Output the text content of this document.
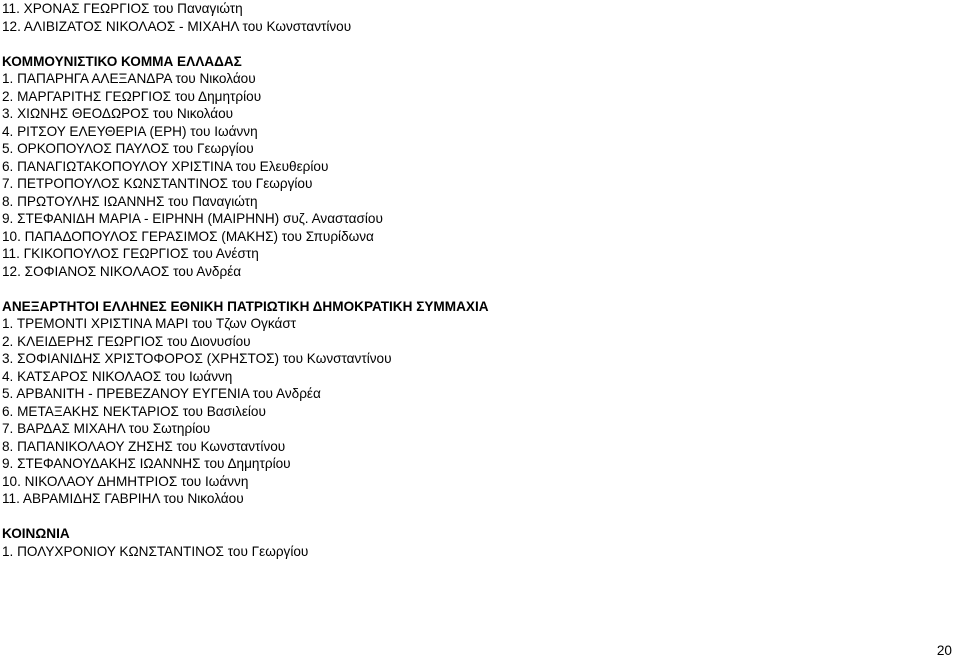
11. ΧΡΟΝΑΣ ΓΕΩΡΓΙΟΣ του Παναγιώτη
12. ΑΛΙΒΙΖΑΤΟΣ ΝΙΚΟΛΑΟΣ - ΜΙΧΑΗΛ του Κωνσταντίνου
ΚΟΜΜΟΥΝΙΣΤΙΚΟ ΚΟΜΜΑ ΕΛΛΑΔΑΣ
1. ΠΑΠΑΡΗΓΑ ΑΛΕΞΑΝΔΡΑ του Νικολάου
2. ΜΑΡΓΑΡΙΤΗΣ ΓΕΩΡΓΙΟΣ του Δημητρίου
3. ΧΙΩΝΗΣ ΘΕΟΔΩΡΟΣ του Νικολάου
4. ΡΙΤΣΟΥ ΕΛΕΥΘΕΡΙΑ (ΕΡΗ) του Ιωάννη
5. ΟΡΚΟΠΟΥΛΟΣ ΠΑΥΛΟΣ του Γεωργίου
6. ΠΑΝΑΓΙΩΤΑΚΟΠΟΥΛΟΥ ΧΡΙΣΤΙΝΑ του Ελευθερίου
7. ΠΕΤΡΟΠΟΥΛΟΣ ΚΩΝΣΤΑΝΤΙΝΟΣ του Γεωργίου
8. ΠΡΩΤΟΥΛΗΣ ΙΩΑΝΝΗΣ του Παναγιώτη
9. ΣΤΕΦΑΝΙΔΗ ΜΑΡΙΑ - ΕΙΡΗΝΗ (ΜΑΙΡΗΝΗ) συζ. Αναστασίου
10. ΠΑΠΑΔΟΠΟΥΛΟΣ ΓΕΡΑΣΙΜΟΣ (ΜΑΚΗΣ) του Σπυρίδωνα
11. ΓΚΙΚΟΠΟΥΛΟΣ ΓΕΩΡΓΙΟΣ του Ανέστη
12. ΣΟΦΙΑΝΟΣ ΝΙΚΟΛΑΟΣ του Ανδρέα
ΑΝΕΞΑΡΤΗΤΟΙ ΕΛΛΗΝΕΣ ΕΘΝΙΚΗ ΠΑΤΡΙΩΤΙΚΗ ΔΗΜΟΚΡΑΤΙΚΗ ΣΥΜΜΑΧΙΑ
1. ΤΡΕΜΟΝΤΙ ΧΡΙΣΤΙΝΑ ΜΑΡΙ του Τζων Ογκάστ
2. ΚΛΕΙΔΕΡΗΣ ΓΕΩΡΓΙΟΣ του Διονυσίου
3. ΣΟΦΙΑΝΙΔΗΣ ΧΡΙΣΤΟΦΟΡΟΣ (ΧΡΗΣΤΟΣ) του Κωνσταντίνου
4. ΚΑΤΣΑΡΟΣ ΝΙΚΟΛΑΟΣ του Ιωάννη
5. ΑΡΒΑΝΙΤΗ - ΠΡΕΒΕΖΑΝΟΥ ΕΥΓΕΝΙΑ του Ανδρέα
6. ΜΕΤΑΞΑΚΗΣ ΝΕΚΤΑΡΙΟΣ του Βασιλείου
7. ΒΑΡΔΑΣ ΜΙΧΑΗΛ του Σωτηρίου
8. ΠΑΠΑΝΙΚΟΛΑΟΥ ΖΗΣΗΣ του Κωνσταντίνου
9. ΣΤΕΦΑΝΟΥΔΑΚΗΣ ΙΩΑΝΝΗΣ του Δημητρίου
10. ΝΙΚΟΛΑΟΥ ΔΗΜΗΤΡΙΟΣ του Ιωάννη
11. ΑΒΡΑΜΙΔΗΣ ΓΑΒΡΙΗΛ του Νικολάου
ΚΟΙΝΩΝΙΑ
1. ΠΟΛΥΧΡΟΝΙΟΥ ΚΩΝΣΤΑΝΤΙΝΟΣ του Γεωργίου
20
